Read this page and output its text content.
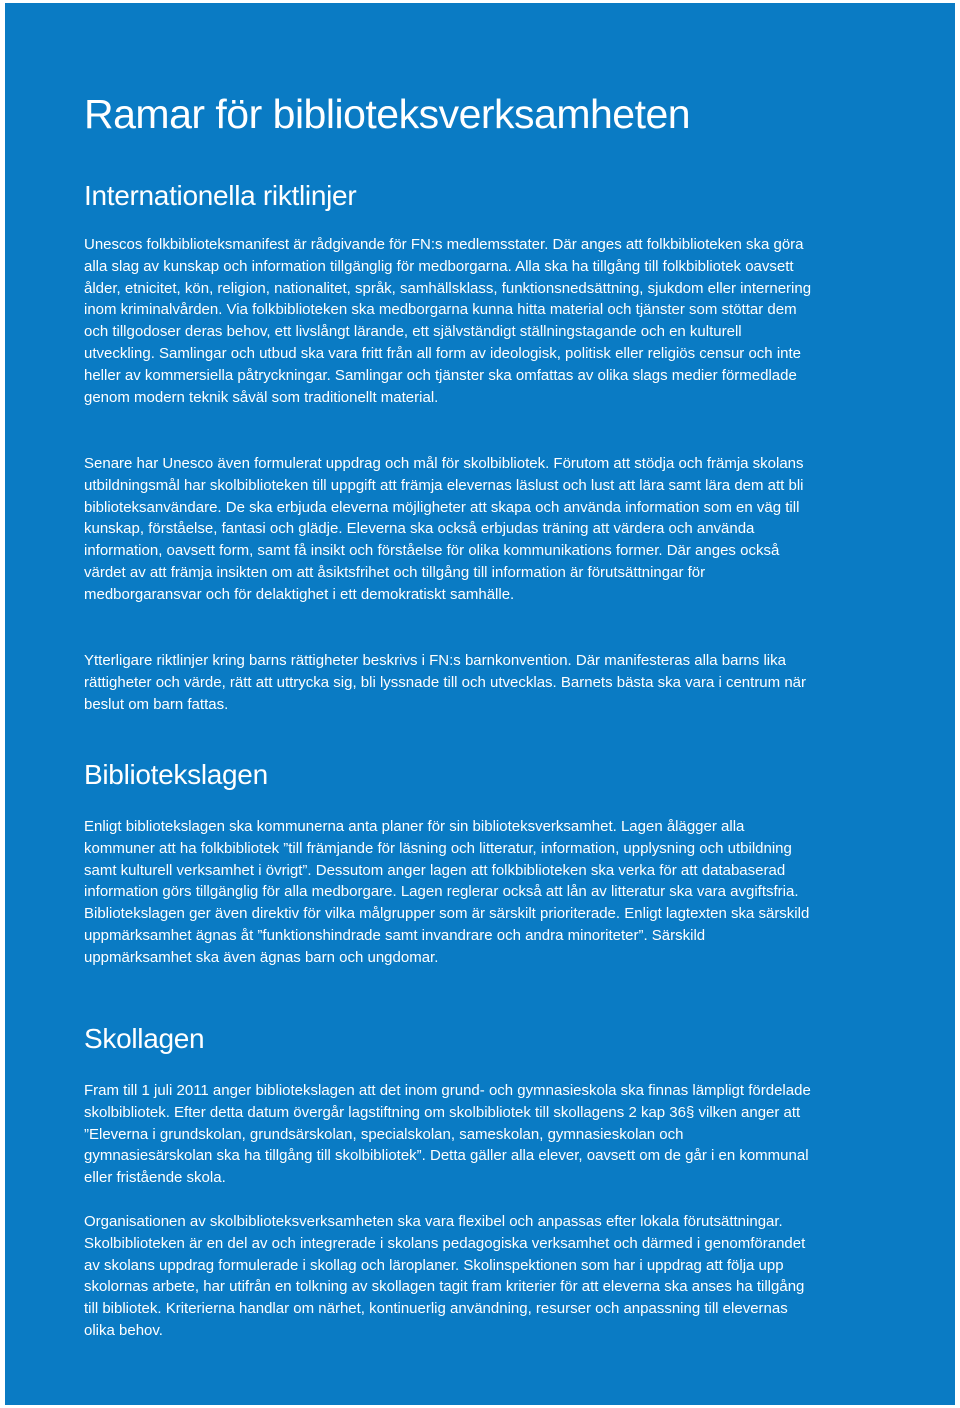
Ramar för biblioteksverksamheten
Internationella riktlinjer

Unescos folkbiblioteksmanifest är rådgivande för FN:s medlemsstater. Där anges att folkbiblioteken ska göra alla slag av kunskap och information tillgänglig för medborgarna. Alla ska ha tillgång till folkbibliotek oavsett ålder, etnicitet, kön, religion, nationalitet, språk, samhällsklass, funktionsnedsättning, sjukdom eller internering inom kriminalvården. Via folkbiblioteken ska medborgarna kunna hitta material och tjänster som stöttar dem och tillgodoser deras behov, ett livslångt lärande, ett självständigt ställningstagande och en kulturell utveckling. Samlingar och utbud ska vara fritt från all form av ideologisk, politisk eller religiös censur och inte heller av kommersiella påtryckningar. Samlingar och tjänster ska omfattas av olika slags medier förmedlade genom modern teknik såväl som traditionellt material.

Senare har Unesco även formulerat uppdrag och mål för skolbibliotek. Förutom att stödja och främja skolans utbildningsmål har skolbiblioteken till uppgift att främja elevernas läslust och lust att lära samt lära dem att bli biblioteksanvändare. De ska erbjuda eleverna möjligheter att skapa och använda information som en väg till kunskap, förståelse, fantasi och glädje. Eleverna ska också erbjudas träning att värdera och använda information, oavsett form, samt få insikt och förståelse för olika kommunikations former. Där anges också värdet av att främja insikten om att åsiktsfrihet och tillgång till information är förutsättningar för medborgaransvar och för delaktighet i ett demokratiskt samhälle.

Ytterligare riktlinjer kring barns rättigheter beskrivs i FN:s barnkonvention. Där manifesteras alla barns lika rättigheter och värde, rätt att uttrycka sig, bli lyssnade till och utvecklas. Barnets bästa ska vara i centrum när beslut om barn fattas.

Bibliotekslagen

Enligt bibliotekslagen ska kommunerna anta planer för sin biblioteksverksamhet. Lagen ålägger alla kommuner att ha folkbibliotek ”till främjande för läsning och litteratur, information, upplysning och utbildning samt kulturell verksamhet i övrigt”. Dessutom anger lagen att folkbiblioteken ska verka för att databaserad information görs tillgänglig för alla medborgare. Lagen reglerar också att lån av litteratur ska vara avgiftsfria. Bibliotekslagen ger även direktiv för vilka målgrupper som är särskilt prioriterade. Enligt lagtexten ska särskild uppmärksamhet ägnas åt ”funktionshindrade samt invandrare och andra minoriteter”. Särskild uppmärksamhet ska även ägnas barn och ungdomar.

Skollagen

Fram till 1 juli 2011 anger bibliotekslagen att det inom grund- och gymnasieskola ska finnas lämpligt fördelade skolbibliotek. Efter detta datum övergår lagstiftning om skolbibliotek till skollagens 2 kap 36§ vilken anger att ”Eleverna i grundskolan, grundsärskolan, specialskolan, sameskolan, gymnasieskolan och gymnasiesärskolan ska ha tillgång till skolbibliotek”. Detta gäller alla elever, oavsett om de går i en kommunal eller fristående skola.

Organisationen av skolbiblioteksverksamheten ska vara flexibel och anpassas efter lokala förutsättningar. Skolbiblioteken är en del av och integrerade i skolans pedagogiska verksamhet och därmed i genomförandet av skolans uppdrag formulerade i skollag och läroplaner. Skolinspektionen som har i uppdrag att följa upp skolornas arbete, har utifrån en tolkning av skollagen tagit fram kriterier för att eleverna ska anses ha tillgång till bibliotek. Kriterierna handlar om närhet, kontinuerlig användning, resurser och anpassning till elevernas olika behov.
